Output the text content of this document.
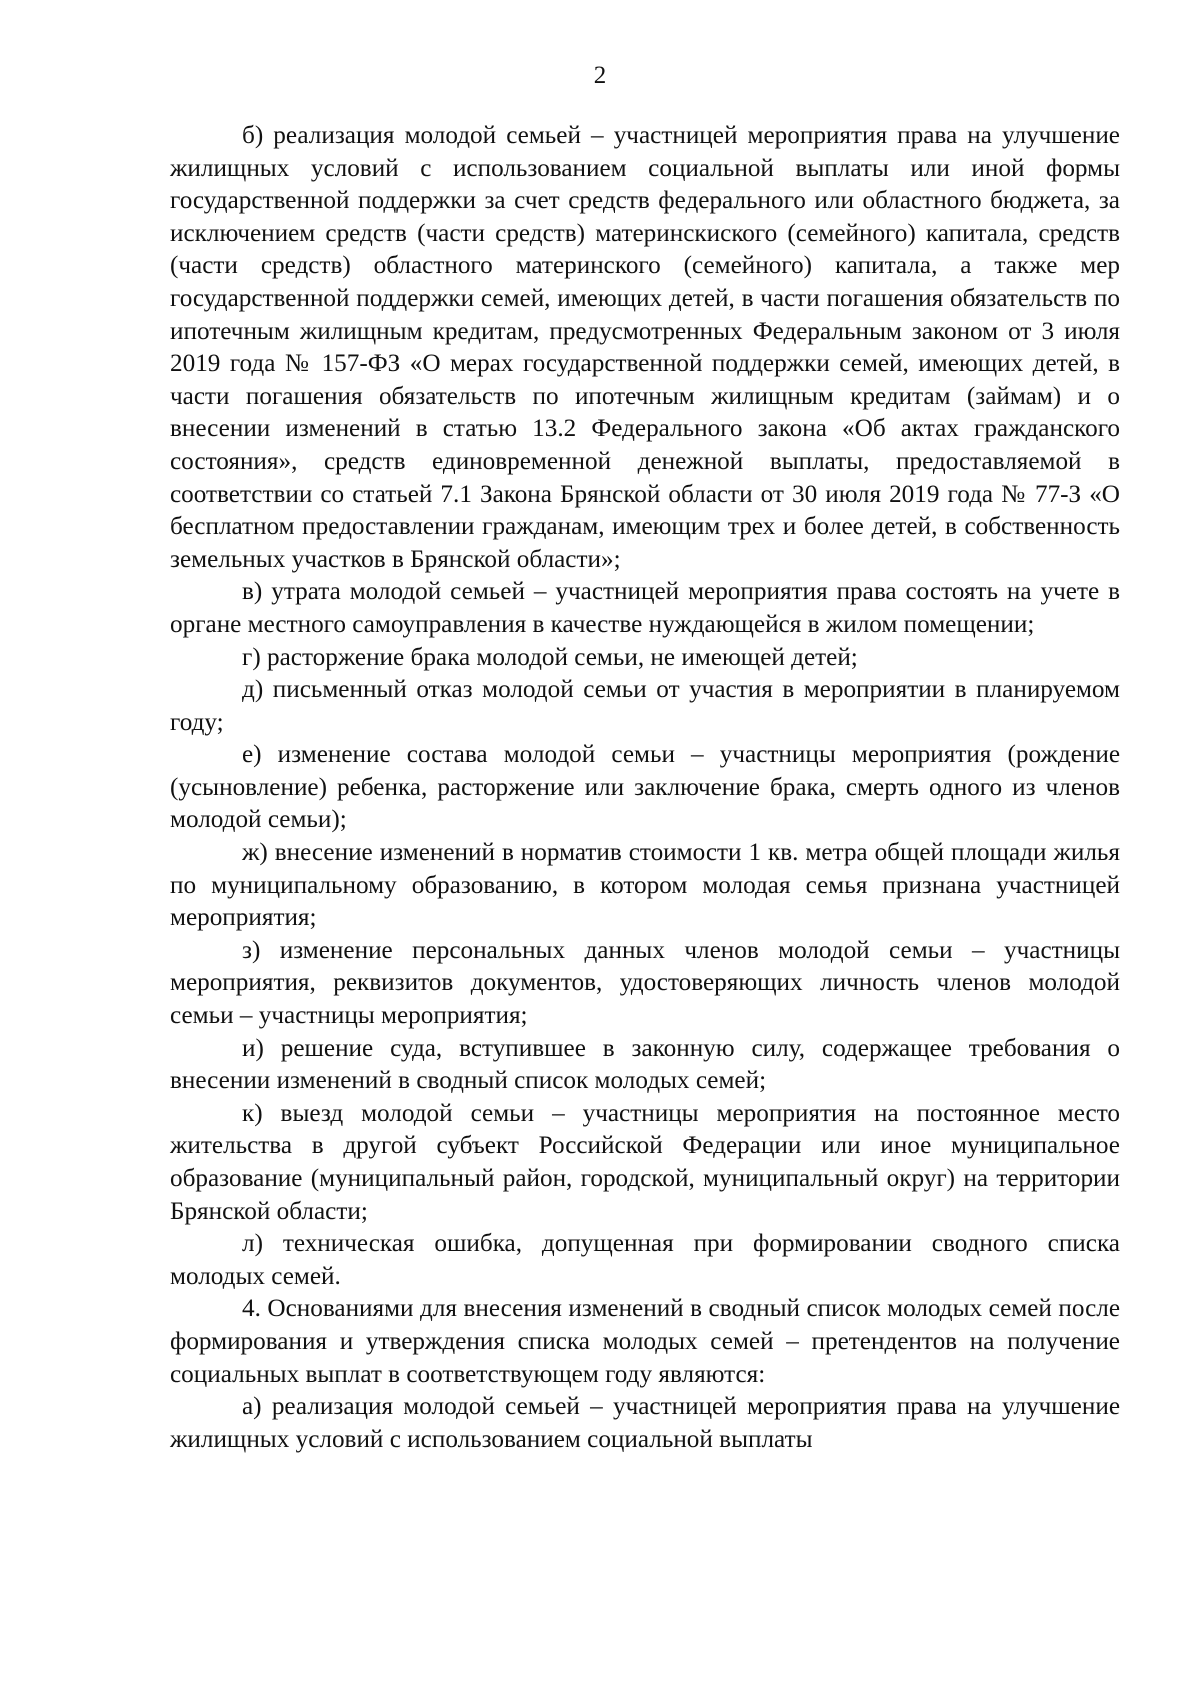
2

б) реализация молодой семьей – участницей мероприятия права на улучшение жилищных условий с использованием социальной выплаты или иной формы государственной поддержки за счет средств федерального или областного бюджета, за исключением средств (части средств) материнскиского (семейного) капитала, средств (части средств) областного материнского (семейного) капитала, а также мер государственной поддержки семей, имеющих детей, в части погашения обязательств по ипотечным жилищным кредитам, предусмотренных Федеральным законом от 3 июля 2019 года № 157-ФЗ «О мерах государственной поддержки семей, имеющих детей, в части погашения обязательств по ипотечным жилищным кредитам (займам) и о внесении изменений в статью 13.2 Федерального закона «Об актах гражданского состояния», средств единовременной денежной выплаты, предоставляемой в соответствии со статьей 7.1 Закона Брянской области от 30 июля 2019 года № 77-З «О бесплатном предоставлении гражданам, имеющим трех и более детей, в собственность земельных участков в Брянской области»;

в) утрата молодой семьей – участницей мероприятия права состоять на учете в органе местного самоуправления в качестве нуждающейся в жилом помещении;

г) расторжение брака молодой семьи, не имеющей детей;

д) письменный отказ молодой семьи от участия в мероприятии в планируемом году;

е) изменение состава молодой семьи – участницы мероприятия (рождение (усыновление) ребенка, расторжение или заключение брака, смерть одного из членов молодой семьи);

ж) внесение изменений в норматив стоимости 1 кв. метра общей площади жилья по муниципальному образованию, в котором молодая семья признана участницей мероприятия;

з) изменение персональных данных членов молодой семьи – участницы мероприятия, реквизитов документов, удостоверяющих личность членов молодой семьи – участницы мероприятия;

и) решение суда, вступившее в законную силу, содержащее требования о внесении изменений в сводный список молодых семей;

к) выезд молодой семьи – участницы мероприятия на постоянное место жительства в другой субъект Российской Федерации или иное муниципальное образование (муниципальный район, городской, муниципальный округ) на территории Брянской области;

л) техническая ошибка, допущенная при формировании сводного списка молодых семей.

4. Основаниями для внесения изменений в сводный список молодых семей после формирования и утверждения списка молодых семей – претендентов на получение социальных выплат в соответствующем году являются:

а) реализация молодой семьей – участницей мероприятия права на улучшение жилищных условий с использованием социальной выплаты
